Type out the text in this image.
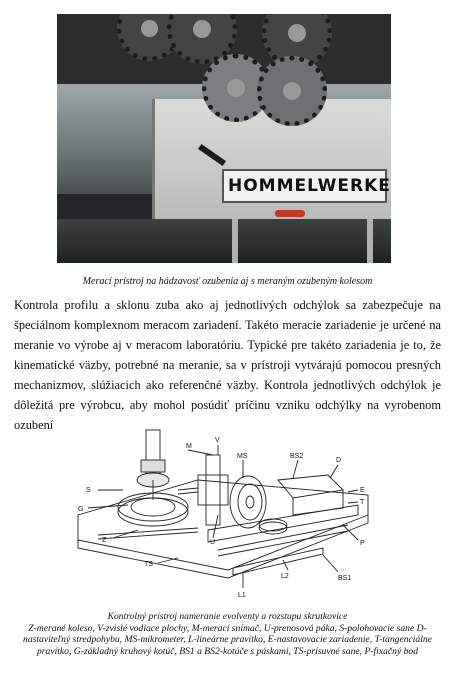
HOMMELWERKE
Merací prístroj na hádzavosť ozubenia aj s meraným ozubeným kolesom

Kontrola profilu a sklonu zuba ako aj jednotlivých odchýlok sa zabezpečuje na špeciálnom komplexnom meracom zariadení. Takéto meracie zariadenie je určené na meranie vo výrobe aj v meracom laboratóriu. Typické pre takéto zariadenia je to, že kinematické väzby, potrebné na meranie, sa v prístroji vytvárajú pomocou presných mechanizmov, slúžiacich ako referenčné väzby. Kontrola jednotlivých odchýlok je dôležitá pre výrobcu, aby mohol posúdiť príčinu vzniku odchýlky na vyrobenom ozubení

M
V
MS	BS2
D
E
T
S
G
Z	U
TS
L2	BS1
L1
P

Kontrolný prístroj nameranie evolventy a rozstupu skrutkovice
Z-merané koleso, V-zvislé vodiace plochy, M-merací snímač, U-prenosová páka, S-polohovacie sane D-nastaviteľný stredpohybu, MS-mikrometer, L-lineárne pravítko, E-nastavovacie zariadenie, T-tangenciálne pravítko, G-základný kruhový kotúč, BS1 a BS2-kotúče s páskami, TS-prísuvné sane, P-fixačný bod
